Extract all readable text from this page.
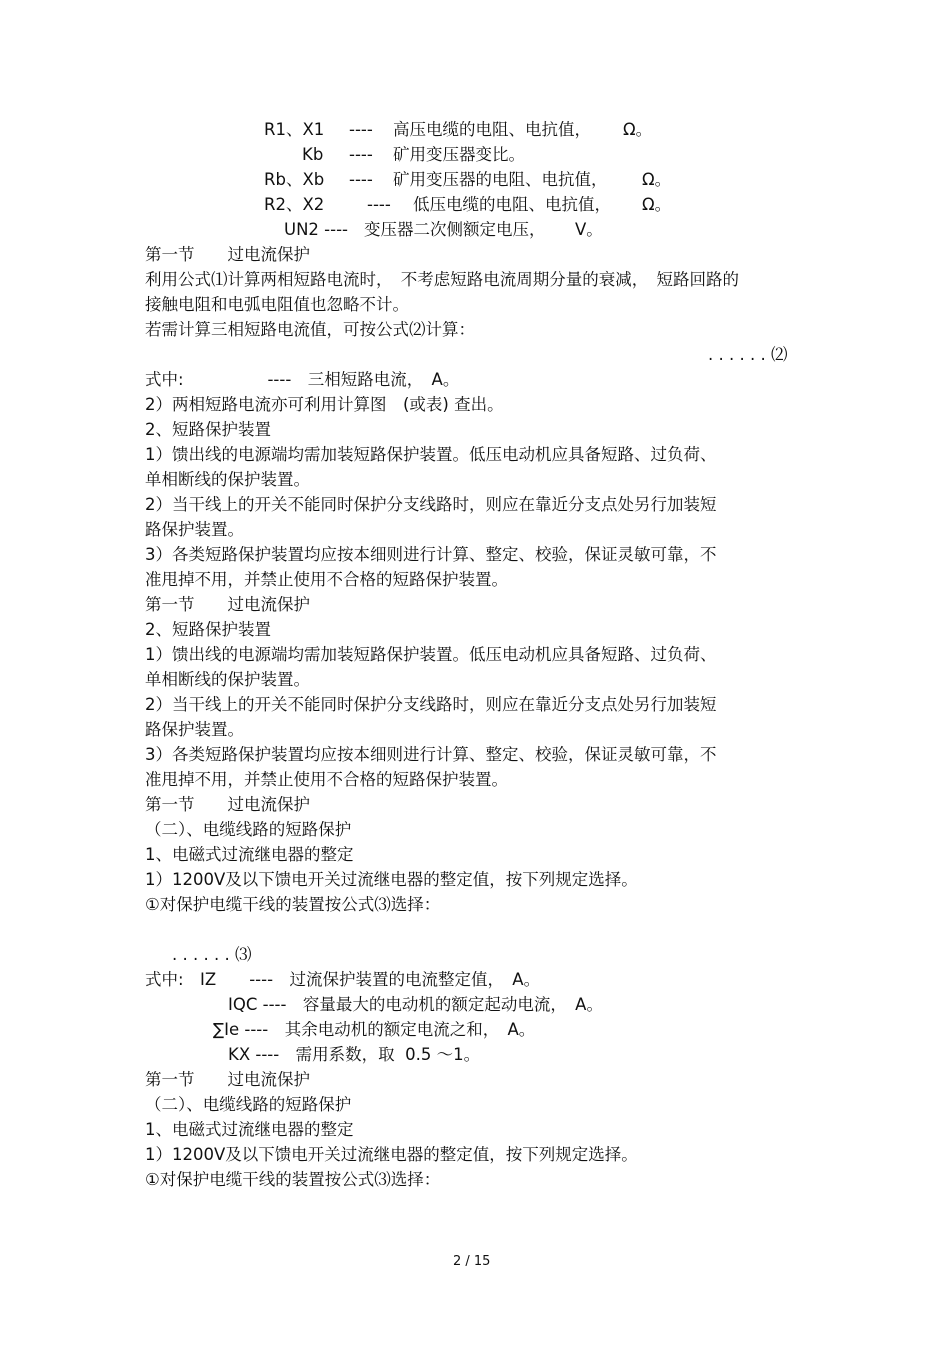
R1、X1 ---- 高压电缆的电阻、电抗值， Ω。
Kb ---- 矿用变压器变比。
Rb、Xb ---- 矿用变压器的电阻、电抗值， Ω。
R2、X2	---- 低压电缆的电阻、电抗值， Ω。
UN2 ---- 变压器二次侧额定电压， V。
第一节　　过电流保护
利用公式⑴计算两相短路电流时，　不考虑短路电流周期分量的衰减，　短路回路的
接触电阻和电弧电阻值也忽略不计。
若需计算三相短路电流值，可按公式⑵计算：
. . . . . . ⑵
式中:                ----　三相短路电流，　A。
2）两相短路电流亦可利用计算图　(或表) 查出。
2、短路保护装置
1）馈出线的电源端均需加装短路保护装置。低压电动机应具备短路、过负荷、
单相断线的保护装置。
2）当干线上的开关不能同时保护分支线路时，则应在靠近分支点处另行加装短
路保护装置。
3）各类短路保护装置均应按本细则进行计算、整定、校验，保证灵敏可靠，不
准甩掉不用，并禁止使用不合格的短路保护装置。
第一节　　过电流保护
2、短路保护装置
1）馈出线的电源端均需加装短路保护装置。低压电动机应具备短路、过负荷、
单相断线的保护装置。
2）当干线上的开关不能同时保护分支线路时，则应在靠近分支点处另行加装短
路保护装置。
3）各类短路保护装置均应按本细则进行计算、整定、校验，保证灵敏可靠，不
准甩掉不用，并禁止使用不合格的短路保护装置。
第一节　　过电流保护
（二）、电缆线路的短路保护
1、电磁式过流继电器的整定
1）1200V及以下馈电开关过流继电器的整定值，按下列规定选择。
①对保护电缆干线的装置按公式⑶选择：
. . . . . . ⑶
式中:　IZ　　----　过流保护装置的电流整定值，　A。
IQC ----　容量最大的电动机的额定起动电流，　A。
∑Ie ----　其余电动机的额定电流之和，　A。
KX ----　需用系数，取  0.5 ～1。
第一节　　过电流保护
（二）、电缆线路的短路保护
1、电磁式过流继电器的整定
1）1200V及以下馈电开关过流继电器的整定值，按下列规定选择。
①对保护电缆干线的装置按公式⑶选择：
2 / 15
